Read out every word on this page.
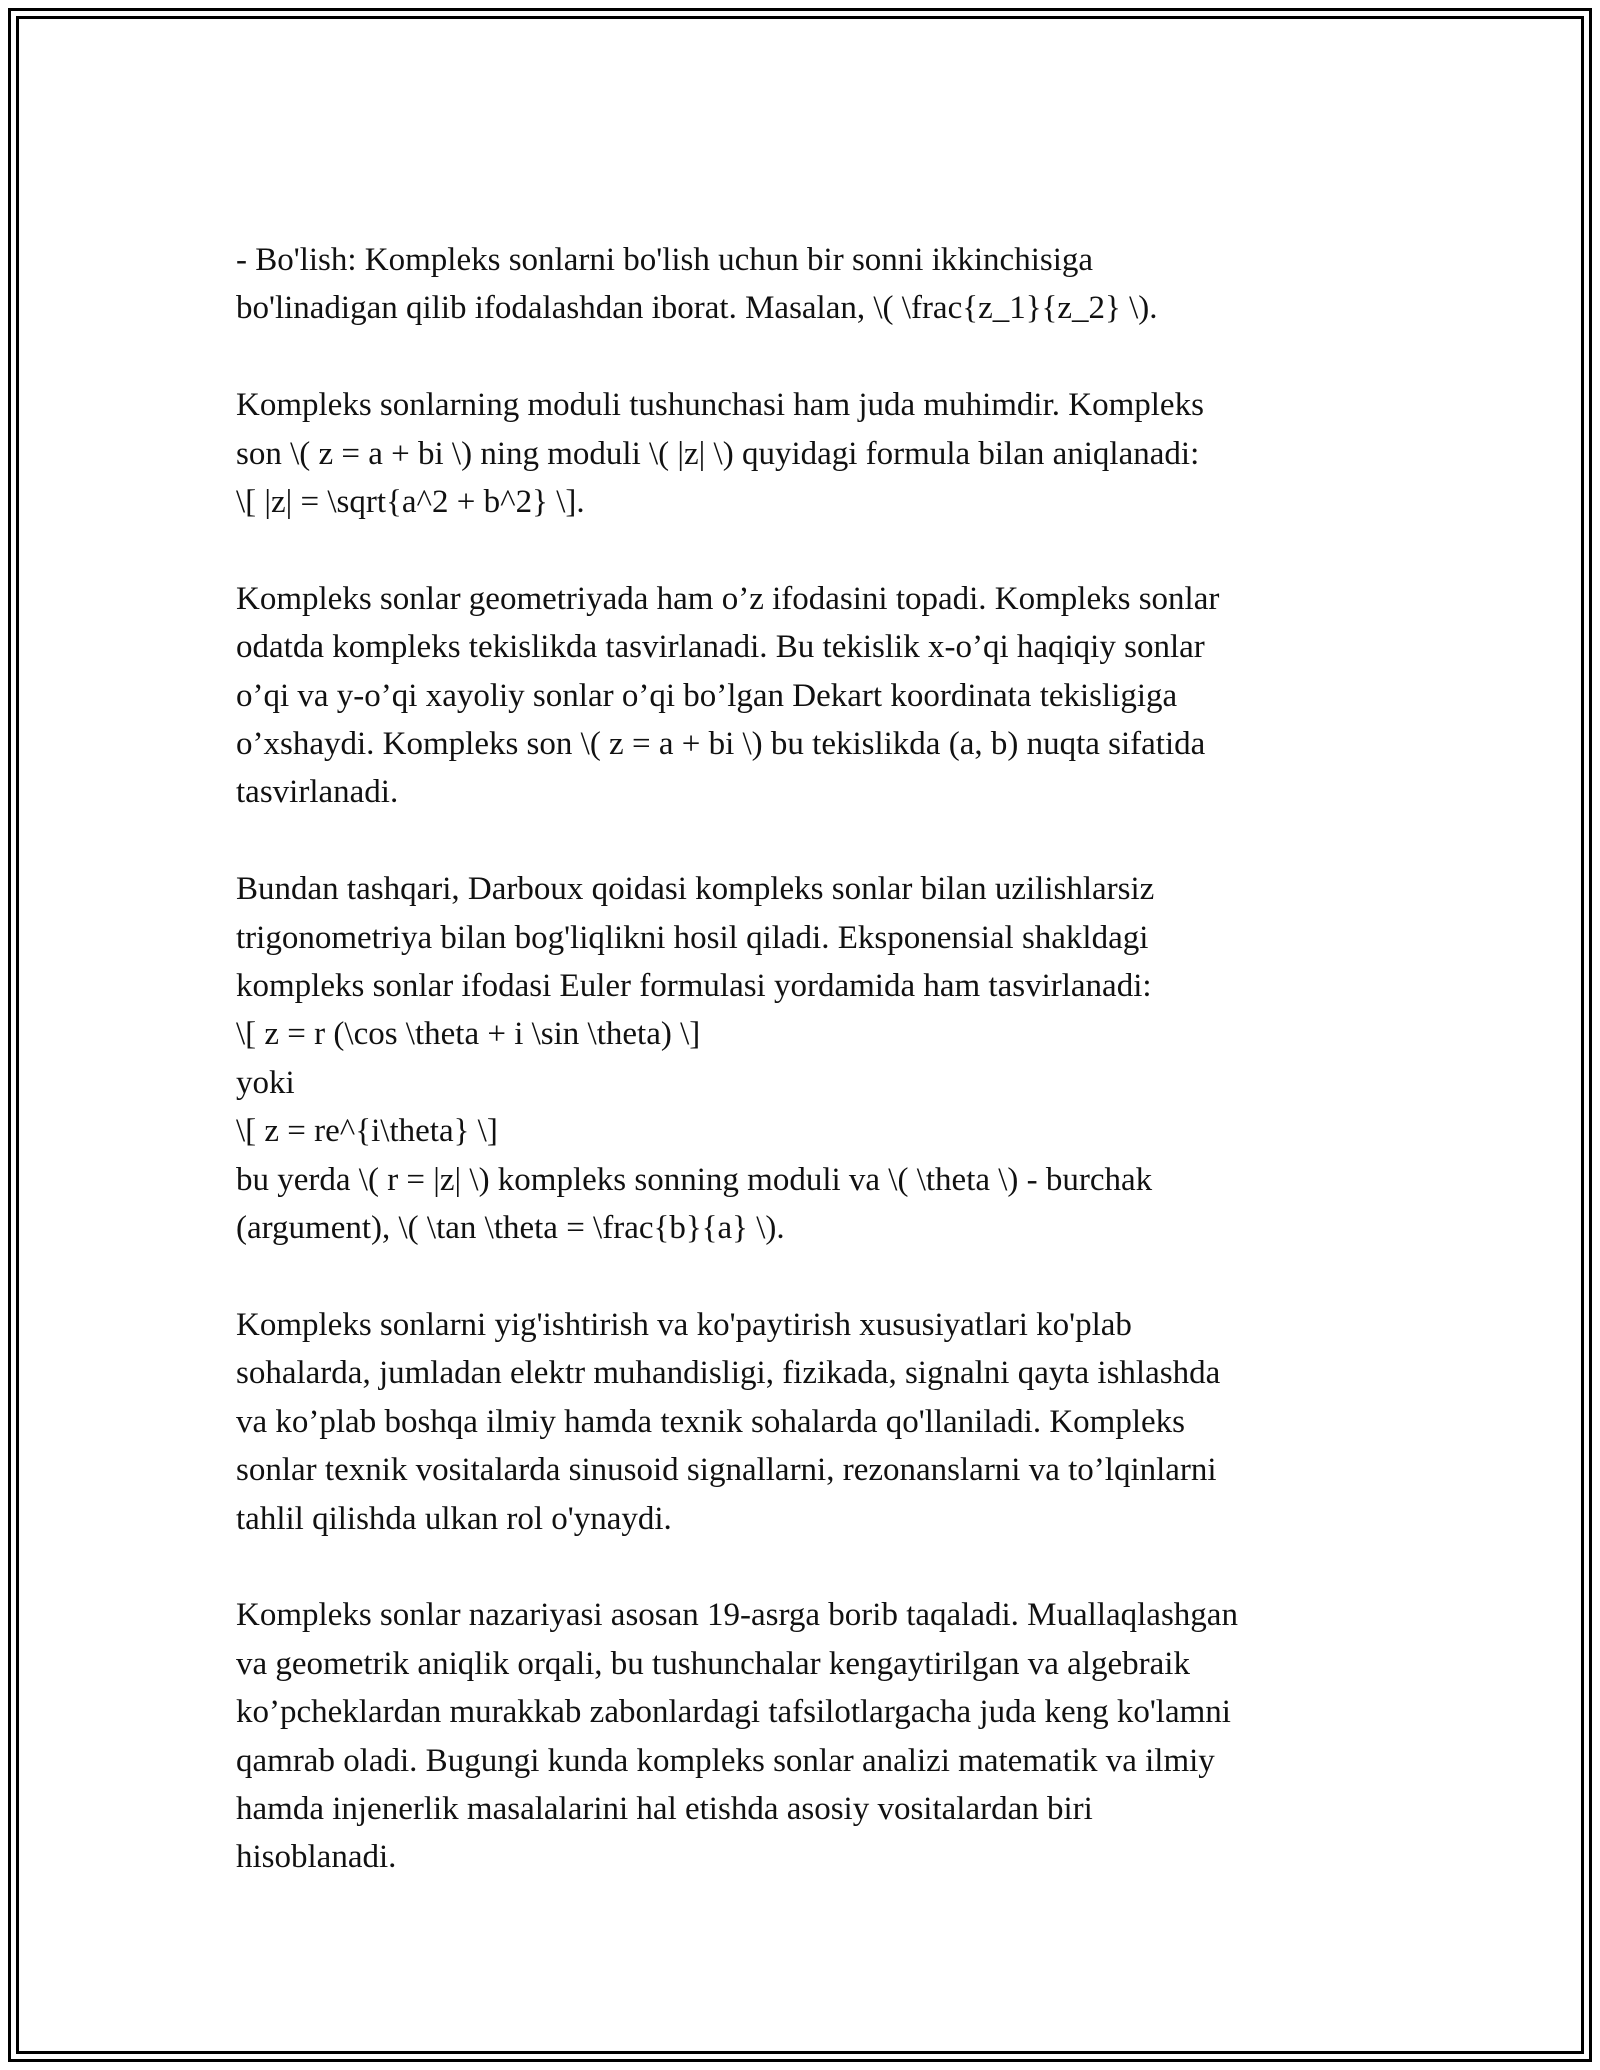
- Bo'lish: Kompleks sonlarni bo'lish uchun bir sonni ikkinchisiga
bo'linadigan qilib ifodalashdan iborat. Masalan, \( \frac{z_1}{z_2} \).

Kompleks sonlarning moduli tushunchasi ham juda muhimdir. Kompleks
son \( z = a + bi \) ning moduli \( |z| \) quyidagi formula bilan aniqlanadi:
\[ |z| = \sqrt{a^2 + b^2} \].

Kompleks sonlar geometriyada ham o’z ifodasini topadi. Kompleks sonlar
odatda kompleks tekislikda tasvirlanadi. Bu tekislik x-o’qi haqiqiy sonlar
o’qi va y-o’qi xayoliy sonlar o’qi bo’lgan Dekart koordinata tekisligiga
o’xshaydi. Kompleks son \( z = a + bi \) bu tekislikda (a, b) nuqta sifatida
tasvirlanadi.

Bundan tashqari, Darboux qoidasi kompleks sonlar bilan uzilishlarsiz
trigonometriya bilan bog'liqlikni hosil qiladi. Eksponensial shakldagi
kompleks sonlar ifodasi Euler formulasi yordamida ham tasvirlanadi:
\[ z = r (\cos \theta + i \sin \theta) \]
yoki
\[ z = re^{i\theta} \]
bu yerda \( r = |z| \) kompleks sonning moduli va \( \theta \) - burchak
(argument), \( \tan \theta = \frac{b}{a} \).

Kompleks sonlarni yig'ishtirish va ko'paytirish xususiyatlari ko'plab
sohalarda, jumladan elektr muhandisligi, fizikada, signalni qayta ishlashda
va ko’plab boshqa ilmiy hamda texnik sohalarda qo'llaniladi. Kompleks
sonlar texnik vositalarda sinusoid signallarni, rezonanslarni va to’lqinlarni
tahlil qilishda ulkan rol o'ynaydi.

Kompleks sonlar nazariyasi asosan 19-asrga borib taqaladi. Muallaqlashgan
va geometrik aniqlik orqali, bu tushunchalar kengaytirilgan va algebraik
ko’pcheklardan murakkab zabonlardagi tafsilotlargacha juda keng ko'lamni
qamrab oladi. Bugungi kunda kompleks sonlar analizi matematik va ilmiy
hamda injenerlik masalalarini hal etishda asosiy vositalardan biri
hisoblanadi.
